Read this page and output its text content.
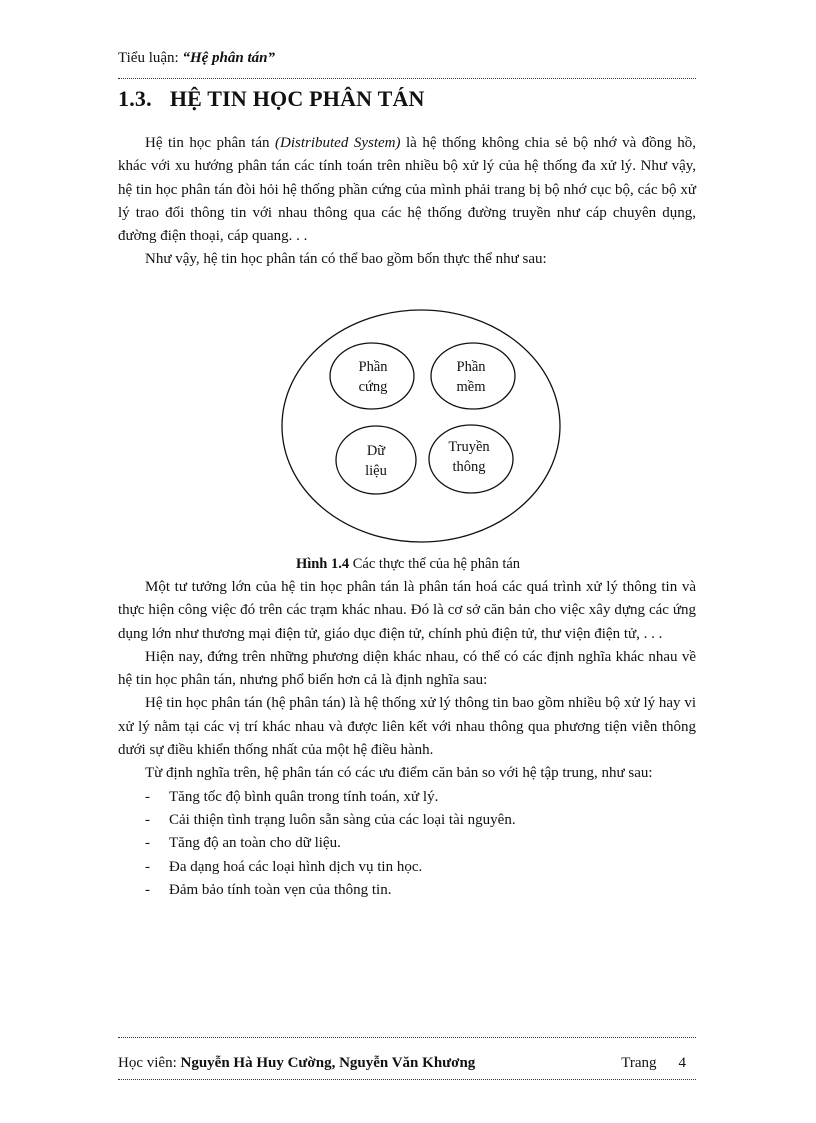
Tiểu luận: “Hệ phân tán”
1.3. HỆ TIN HỌC PHÂN TÁN

Hệ tin học phân tán (Distributed System) là hệ thống không chia sẻ bộ nhớ và đồng hồ, khác với xu hướng phân tán các tính toán trên nhiều bộ xử lý của hệ thống đa xử lý. Như vậy, hệ tin học phân tán đòi hỏi hệ thống phần cứng của mình phải trang bị bộ nhớ cục bộ, các bộ xử lý trao đổi thông tin với nhau thông qua các hệ thống đường truyền như cáp chuyên dụng, đường điện thoại, cáp quang. . .

Như vậy, hệ tin học phân tán có thể bao gồm bốn thực thể như sau:

Phần
cứng
Phần
mềm
Dữ
liệu
Truyền
thông
Hình 1.4 Các thực thể của hệ phân tán

Một tư tưởng lớn của hệ tin học phân tán là phân tán hoá các quá trình xử lý thông tin và thực hiện công việc đó trên các trạm khác nhau. Đó là cơ sở căn bản cho việc xây dựng các ứng dụng lớn như thương mại điện tử, giáo dục điện tử, chính phủ điện tử, thư viện điện tử, . . .

Hiện nay, đứng trên những phương diện khác nhau, có thể có các định nghĩa khác nhau về hệ tin học phân tán, nhưng phổ biến hơn cả là định nghĩa sau:

Hệ tin học phân tán (hệ phân tán) là hệ thống xử lý thông tin bao gồm nhiều bộ xử lý hay vi xử lý nằm tại các vị trí khác nhau và được liên kết với nhau thông qua phương tiện viễn thông dưới sự điều khiển thống nhất của một hệ điều hành.

Từ định nghĩa trên, hệ phân tán có các ưu điểm căn bản so với hệ tập trung, như sau:

-	Tăng tốc độ bình quân trong tính toán, xử lý.
-	Cải thiện tình trạng luôn sẵn sàng của các loại tài nguyên.
-	Tăng độ an toàn cho dữ liệu.
-	Đa dạng hoá các loại hình dịch vụ tin học.
-	Đảm bảo tính toàn vẹn của thông tin.
Học viên: Nguyễn Hà Huy Cường, Nguyễn Văn Khương	Trang 4
